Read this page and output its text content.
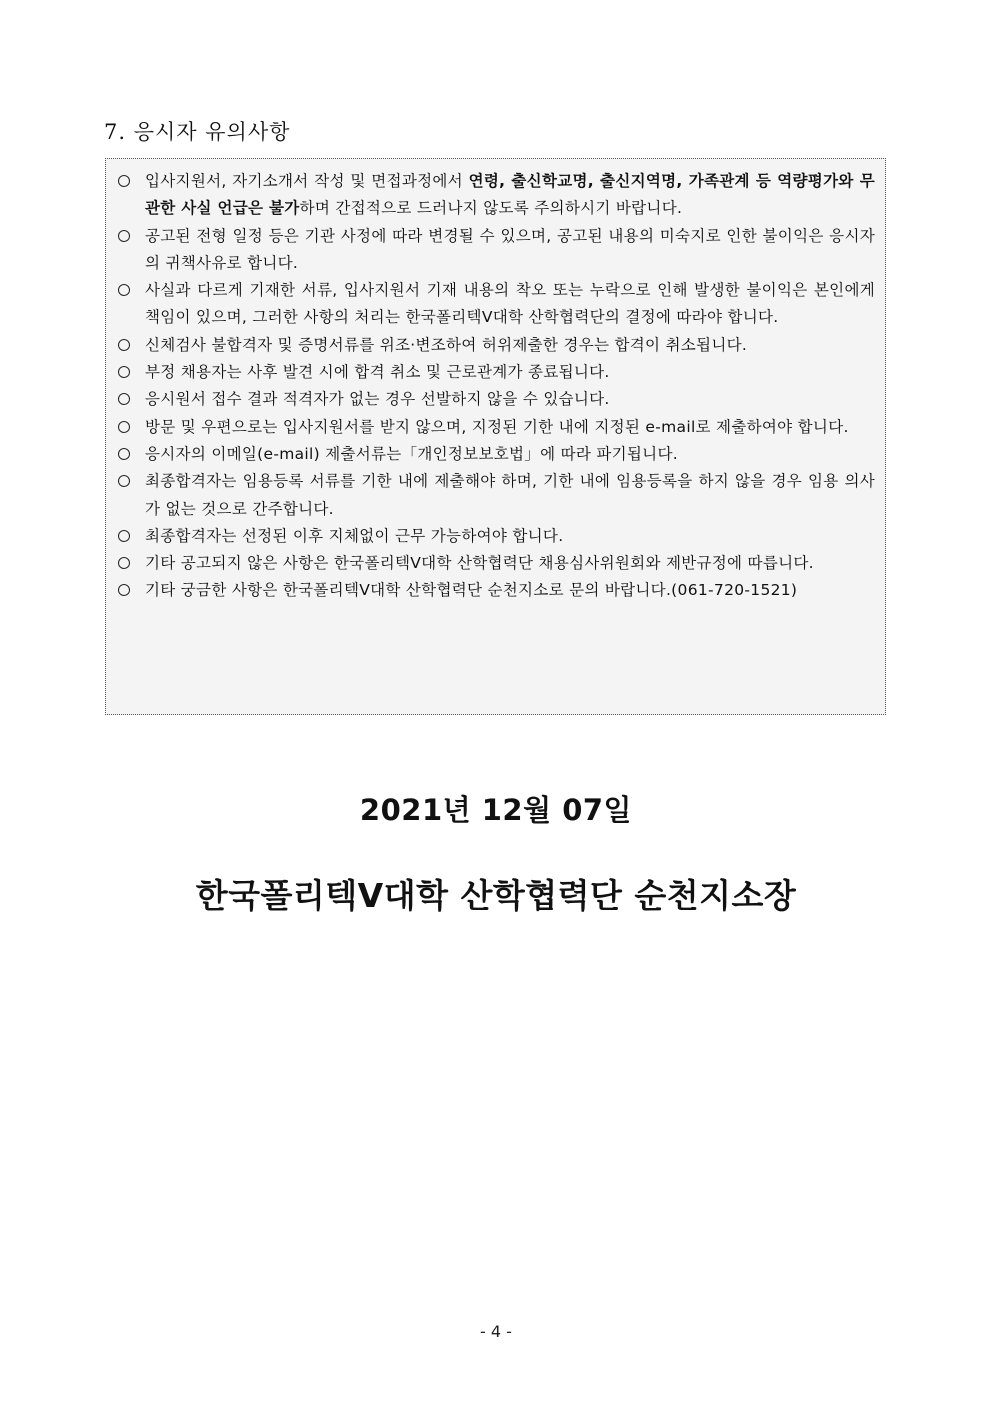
7. 응시자 유의사항
입사지원서, 자기소개서 작성 및 면접과정에서 연령, 출신학교명, 출신지역명, 가족관계 등 역량평가와 무관한 사실 언급은 불가하며 간접적으로 드러나지 않도록 주의하시기 바랍니다.
공고된 전형 일정 등은 기관 사정에 따라 변경될 수 있으며, 공고된 내용의 미숙지로 인한 불이익은 응시자의 귀책사유로 합니다.
사실과 다르게 기재한 서류, 입사지원서 기재 내용의 착오 또는 누락으로 인해 발생한 불이익은 본인에게 책임이 있으며, 그러한 사항의 처리는 한국폴리텍V대학 산학협력단의 결정에 따라야 합니다.
신체검사 불합격자 및 증명서류를 위조·변조하여 허위제출한 경우는 합격이 취소됩니다.
부정 채용자는 사후 발견 시에 합격 취소 및 근로관계가 종료됩니다.
응시원서 접수 결과 적격자가 없는 경우 선발하지 않을 수 있습니다.
방문 및 우편으로는 입사지원서를 받지 않으며, 지정된 기한 내에 지정된 e-mail로 제출하여야 합니다.
응시자의 이메일(e-mail) 제출서류는「개인정보보호법」에 따라 파기됩니다.
최종합격자는 임용등록 서류를 기한 내에 제출해야 하며, 기한 내에 임용등록을 하지 않을 경우 임용 의사가 없는 것으로 간주합니다.
최종합격자는 선정된 이후 지체없이 근무 가능하여야 합니다.
기타 공고되지 않은 사항은 한국폴리텍V대학 산학협력단 채용심사위원회와 제반규정에 따릅니다.
기타 궁금한 사항은 한국폴리텍V대학 산학협력단 순천지소로 문의 바랍니다.(061-720-1521)
2021년 12월 07일
한국폴리텍V대학 산학협력단 순천지소장
- 4 -
